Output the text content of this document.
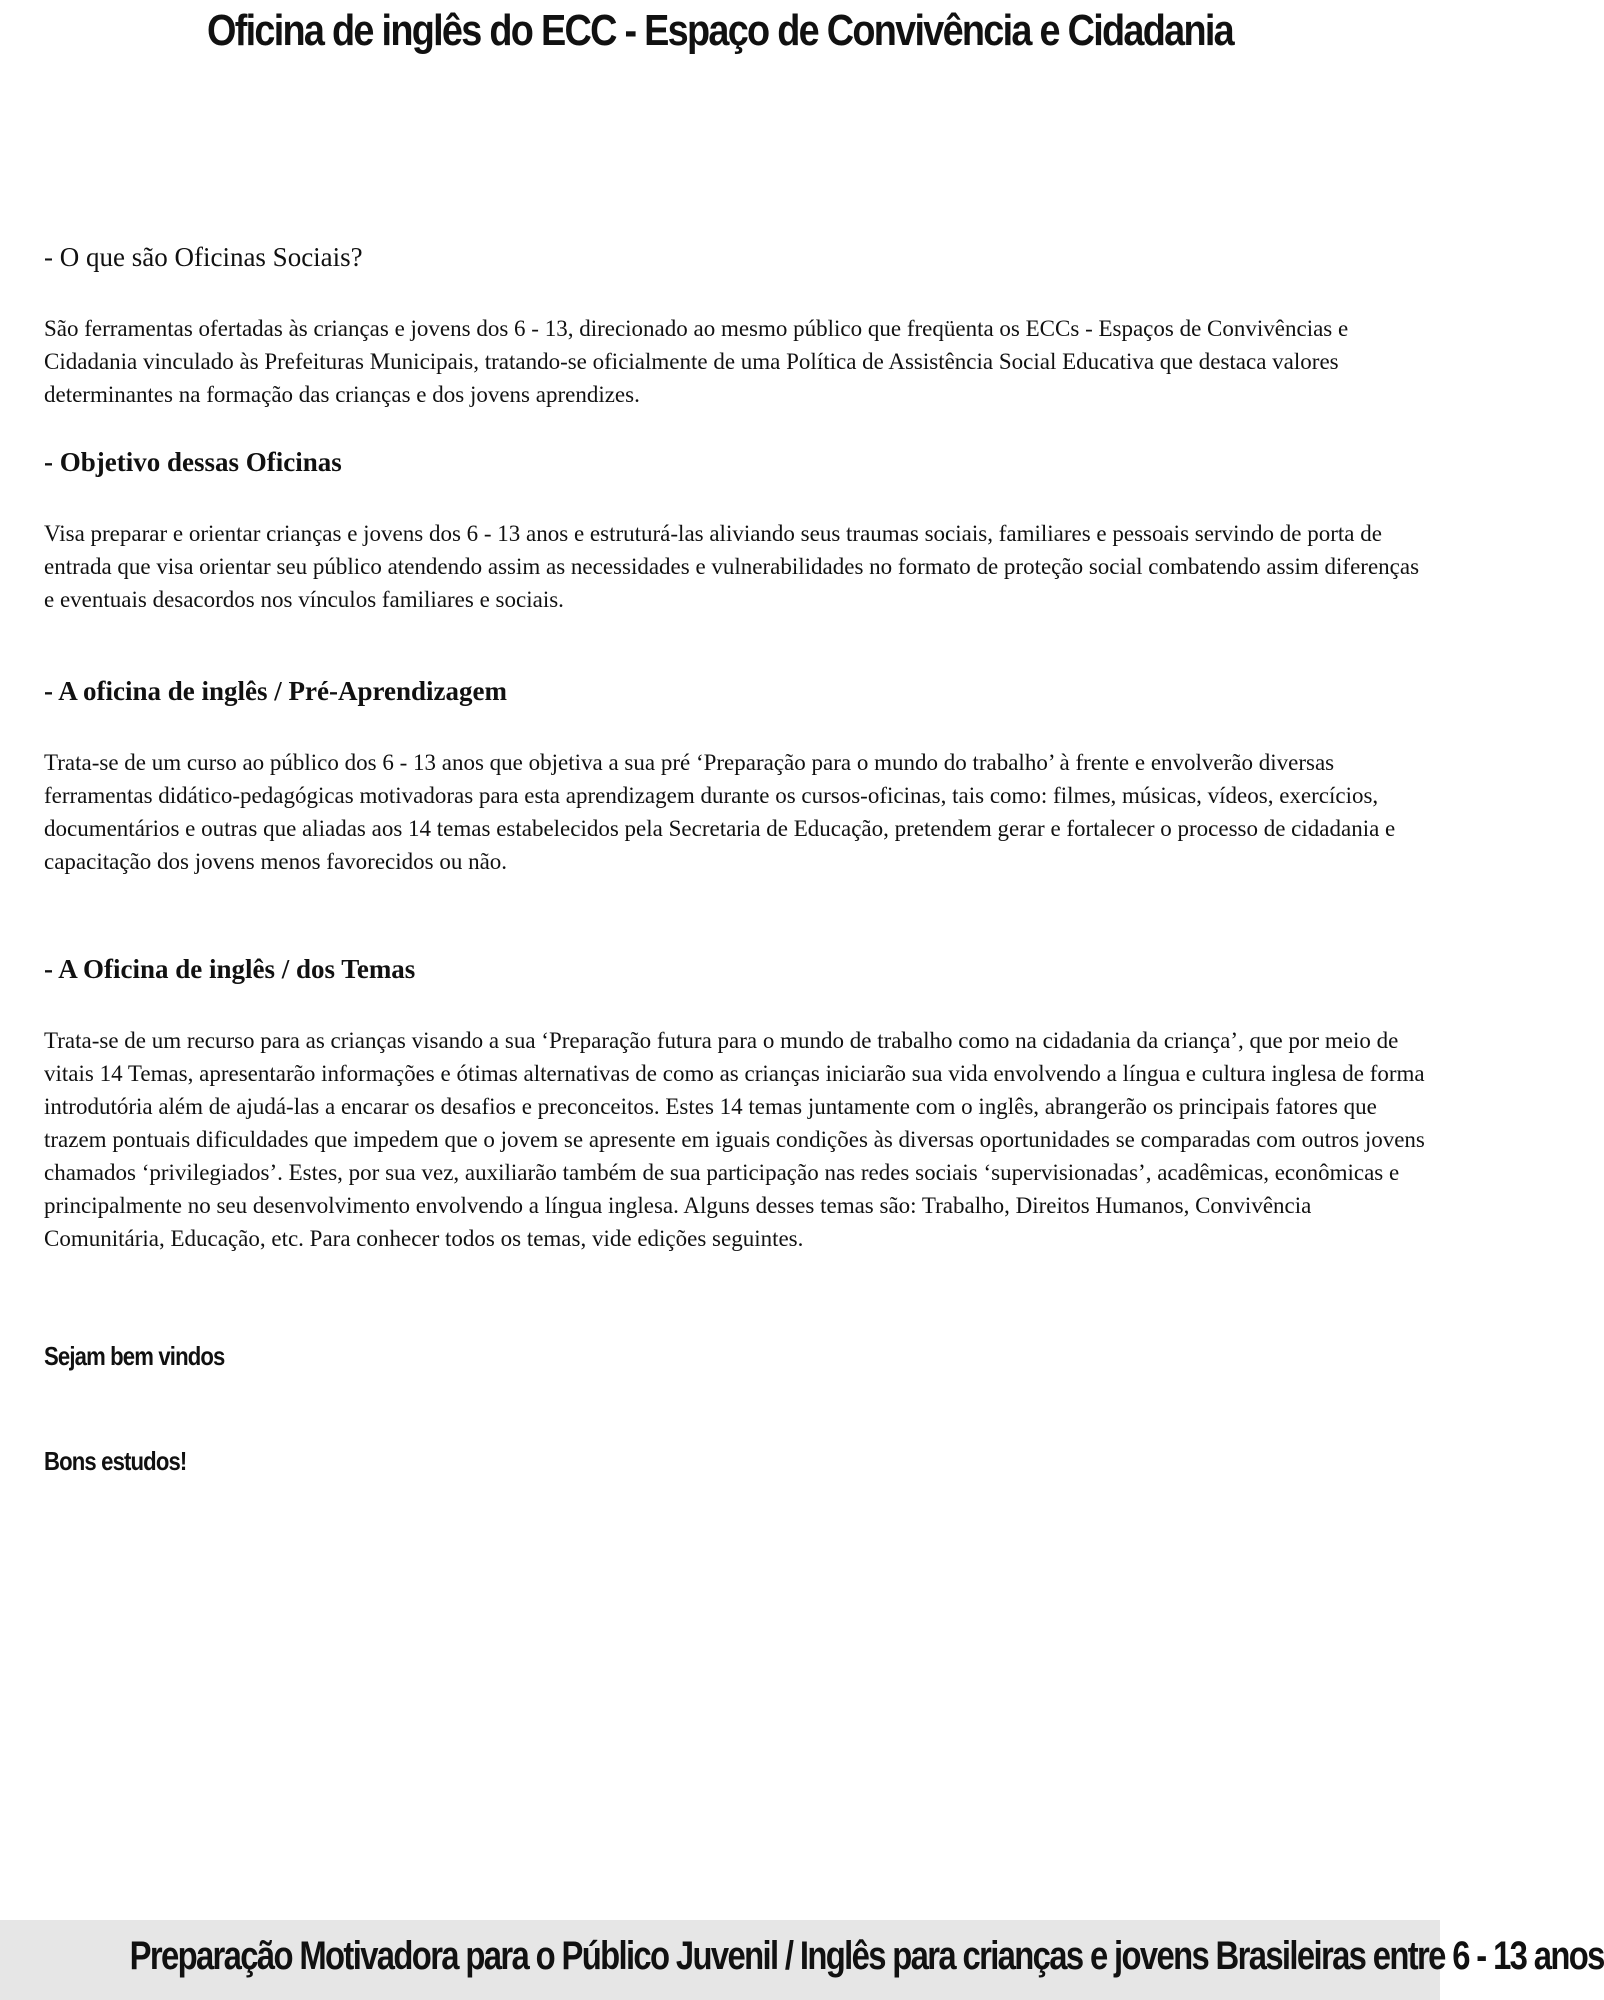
Oficina de inglês do ECC - Espaço de Convivência e Cidadania
- O que são Oficinas Sociais?

São ferramentas ofertadas às crianças e jovens dos 6 - 13, direcionado ao mesmo público que freqüenta os ECCs - Espaços de Convivências e Cidadania vinculado às Prefeituras Municipais, tratando-se oficialmente de uma Política de Assistência Social Educativa que destaca valores determinantes na formação das crianças e dos jovens aprendizes.

- Objetivo dessas Oficinas

Visa preparar e orientar crianças e jovens dos 6 - 13 anos e estruturá-las aliviando seus traumas sociais, familiares e pessoais servindo de porta de entrada que visa orientar seu público atendendo assim as necessidades e vulnerabilidades no formato de proteção social combatendo assim diferenças e eventuais desacordos nos vínculos familiares e sociais.

- A oficina de inglês / Pré-Aprendizagem

Trata-se de um curso ao público dos 6 - 13 anos que objetiva a sua pré ‘Preparação para o mundo do trabalho’ à frente e envolverão diversas ferramentas didático-pedagógicas motivadoras para esta aprendizagem durante os cursos-oficinas, tais como: filmes, músicas, vídeos, exercícios, documentários e outras que aliadas aos 14 temas estabelecidos pela Secretaria de Educação, pretendem gerar e fortalecer o processo de cidadania e capacitação dos jovens menos favorecidos ou não.

- A Oficina de inglês / dos Temas

Trata-se de um recurso para as crianças visando a sua ‘Preparação futura para o mundo de trabalho como na cidadania da criança’, que por meio de vitais 14 Temas, apresentarão informações e ótimas alternativas de como as crianças iniciarão sua vida envolvendo a língua e cultura inglesa de forma introdutória além de ajudá-las a encarar os desafios e preconceitos. Estes 14 temas juntamente com o inglês, abrangerão os principais fatores que trazem pontuais dificuldades que impedem que o jovem se apresente em iguais condições às diversas oportunidades se comparadas com outros jovens chamados ‘privilegiados’. Estes, por sua vez, auxiliarão também de sua participação nas redes sociais ‘supervisionadas’, acadêmicas, econômicas e principalmente no seu desenvolvimento envolvendo a língua inglesa. Alguns desses temas são: Trabalho, Direitos Humanos, Convivência Comunitária, Educação, etc. Para conhecer todos os temas, vide edições seguintes.

Sejam bem vindos

Bons estudos!

Preparação Motivadora para o Público Juvenil / Inglês para crianças e jovens Brasileiras entre 6 - 13 anos
